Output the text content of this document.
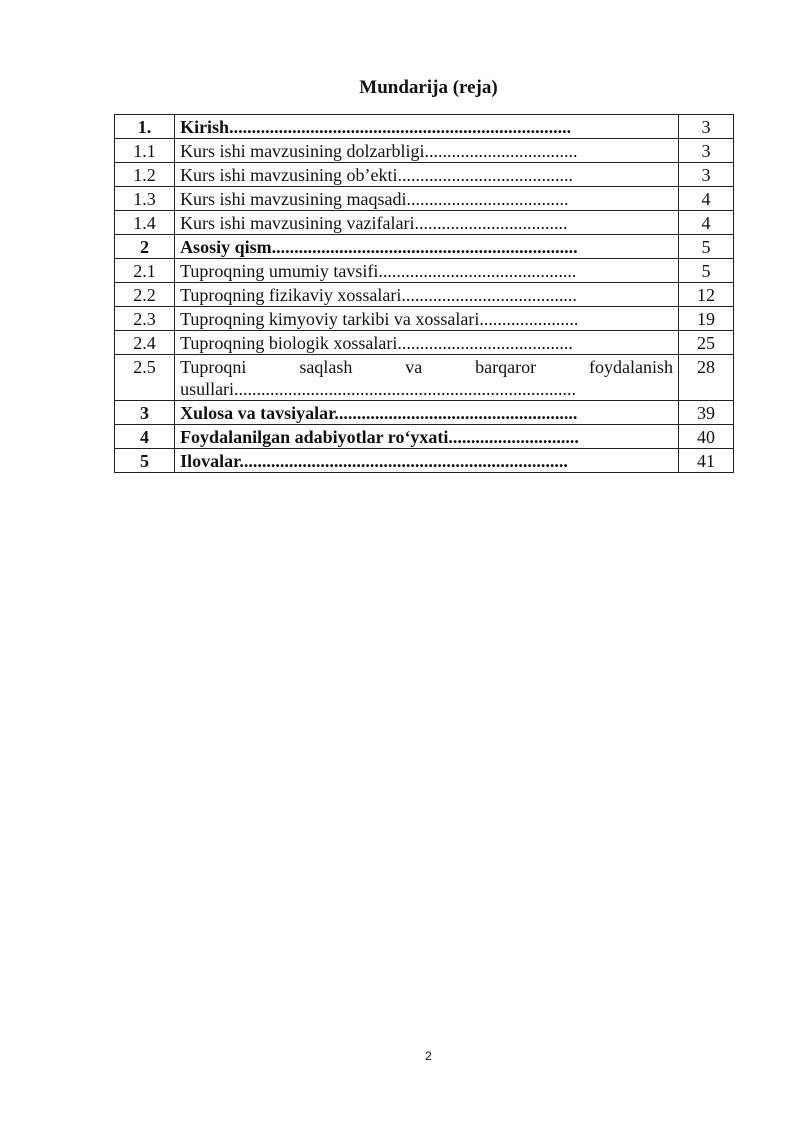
Mundarija (reja)
1.	Kirish............................................................................	3
1.1	Kurs ishi mavzusining dolzarbligi..................................	3
1.2	Kurs ishi mavzusining ob’ekti.......................................	3
1.3	Kurs ishi mavzusining maqsadi....................................	4
1.4	Kurs ishi mavzusining vazifalari..................................	4
2	Asosiy qism....................................................................	5
2.1	Tuproqning umumiy tavsifi............................................	5
2.2	Tuproqning fizikaviy xossalari.......................................	12
2.3	Tuproqning kimyoviy tarkibi va xossalari......................	19
2.4	Tuproqning biologik xossalari.......................................	25
2.5	Tuproqni saqlash va barqaror foydalanish usullari............................................................................	28
3	Xulosa va tavsiyalar......................................................	39
4	Foydalanilgan adabiyotlar ro‘yxati.............................	40
5	Ilovalar.........................................................................	41
2
